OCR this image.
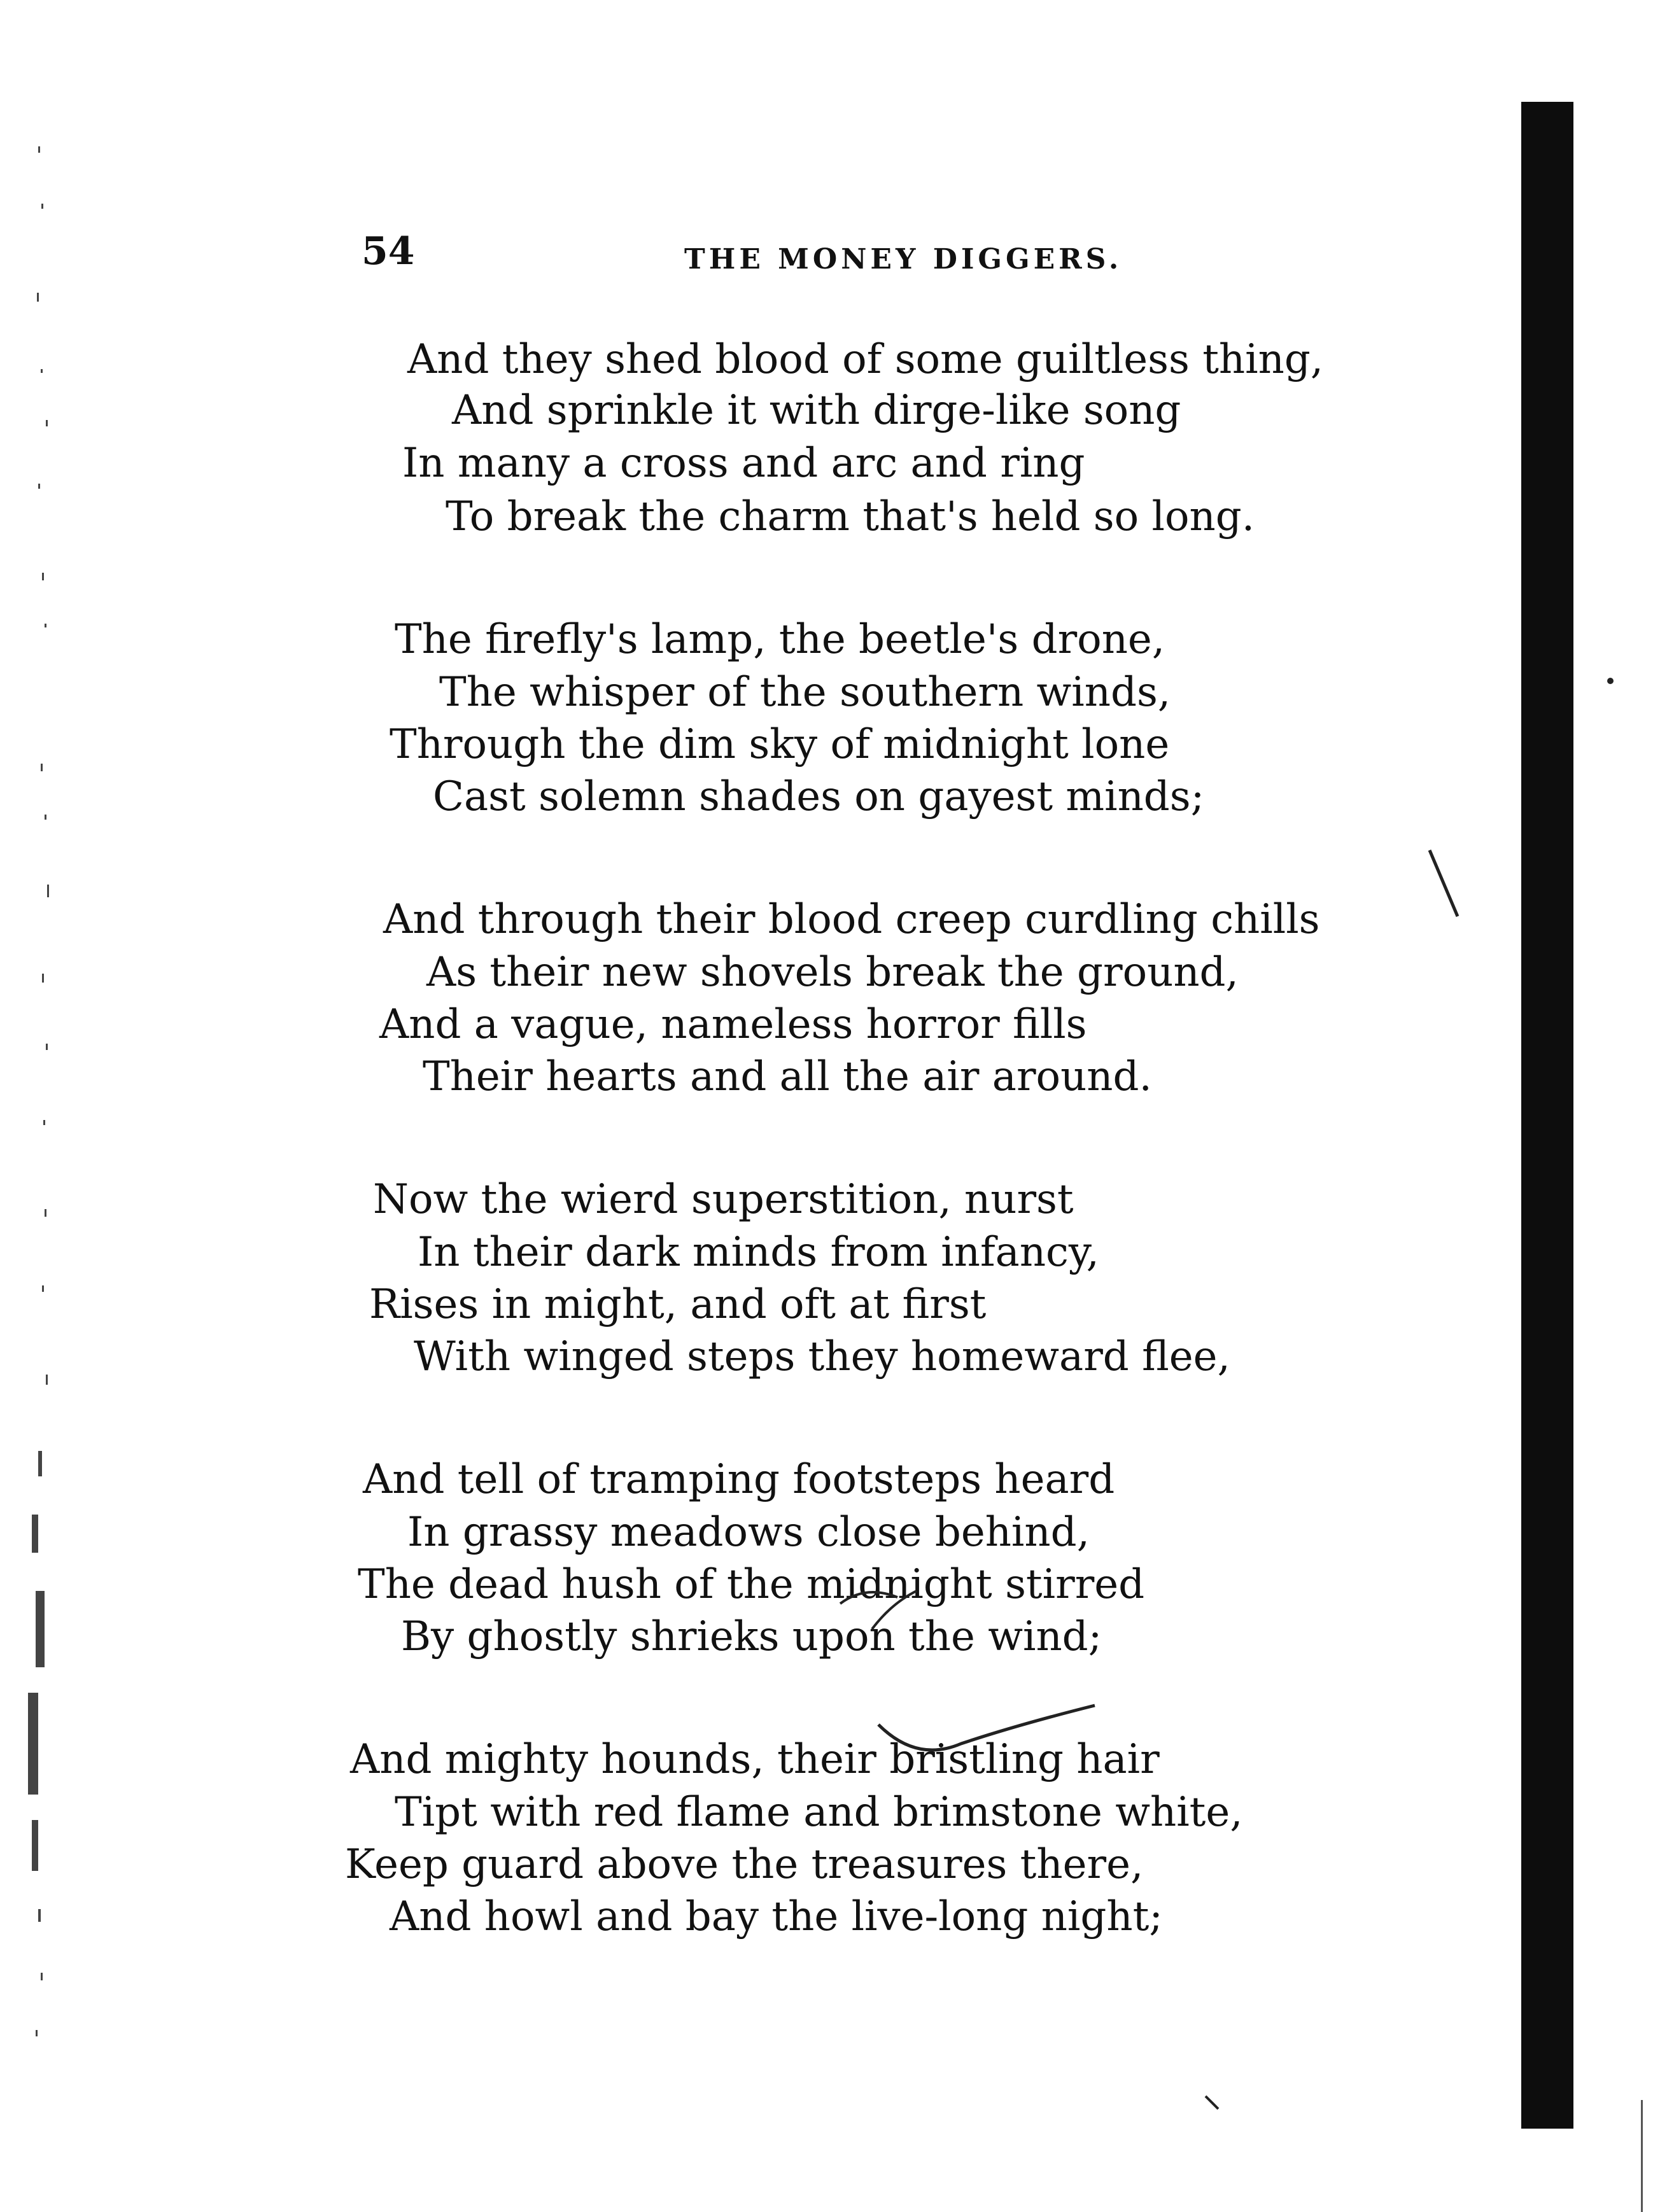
54	THE MONEY DIGGERS.
And they shed blood of some guiltless thing,
And sprinkle it with dirge-like song
In many a cross and arc and ring
To break the charm that's held so long.
The firefly's lamp, the beetle's drone,
The whisper of the southern winds,
Through the dim sky of midnight lone
Cast solemn shades on gayest minds;
And through their blood creep curdling chills
As their new shovels break the ground,
And a vague, nameless horror fills
Their hearts and all the air around.
Now the wierd superstition, nurst
In their dark minds from infancy,
Rises in might, and oft at first
With winged steps they homeward flee,
And tell of tramping footsteps heard
In grassy meadows close behind,
The dead hush of the midnight stirred
By ghostly shrieks upon the wind;
And mighty hounds, their bristling hair
Tipt with red flame and brimstone white,
Keep guard above the treasures there,
And howl and bay the live-long night;
